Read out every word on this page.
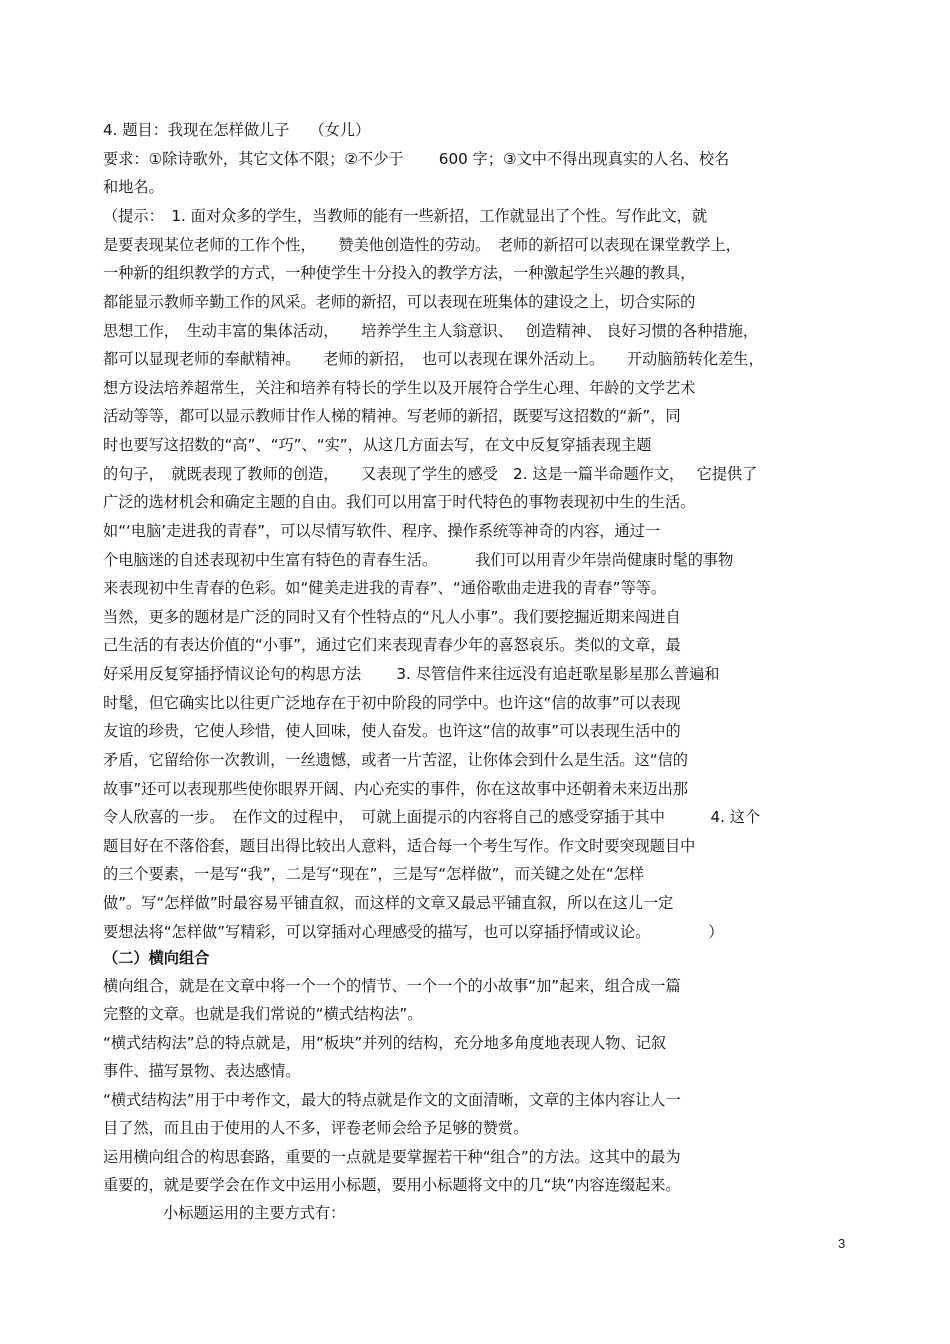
4. 题目：我现在怎样做儿子　 （女儿）
要求：①除诗歌外，其它文体不限；②不少于　　 600 字；③文中不得出现真实的人名、校名
和地名。
（提示：　1. 面对众多的学生，当教师的能有一些新招，工作就显出了个性。写作此文，就
是要表现某位老师的工作个性，　　赞美他创造性的劳动。　老师的新招可以表现在课堂教学上，
一种新的组织教学的方式，一种使学生十分投入的教学方法，一种激起学生兴趣的教具，
都能显示教师辛勤工作的风采。老师的新招，可以表现在班集体的建设之上，切合实际的
思想工作，　生动丰富的集体活动，　　培养学生主人翁意识、　 创造精神、 良好习惯的各种措施，
都可以显现老师的奉献精神。　　老师的新招，　也可以表现在课外活动上。　　开动脑筋转化差生，
想方设法培养超常生，关注和培养有特长的学生以及开展符合学生心理、年龄的文学艺术
活动等等，都可以显示教师甘作人梯的精神。写老师的新招，既要写这招数的“新”，同
时也要写这招数的“高”、“巧”、“实”，从这几方面去写，在文中反复穿插表现主题
的句子，　就既表现了教师的创造，　　又表现了学生的感受　2. 这是一篇半命题作文，　 它提供了
广泛的选材机会和确定主题的自由。我们可以用富于时代特色的事物表现初中生的生活。
如“‘电脑’走进我的青春”，可以尽情写软件、程序、操作系统等神奇的内容，通过一
个电脑迷的自述表现初中生富有特色的青春生活。　　　我们可以用青少年崇尚健康时髦的事物
来表现初中生青春的色彩。如“健美走进我的青春”、“通俗歌曲走进我的青春”等等。
当然，更多的题材是广泛的同时又有个性特点的“凡人小事”。我们要挖掘近期来闯进自
己生活的有表达价值的“小事”，通过它们来表现青春少年的喜怒哀乐。类似的文章，最
好采用反复穿插抒情议论句的构思方法　　 3. 尽管信件来往远没有追赶歌星影星那么普遍和
时髦，但它确实比以往更广泛地存在于初中阶段的同学中。也许这“信的故事”可以表现
友谊的珍贵，它使人珍惜，使人回味，使人奋发。也许这“信的故事”可以表现生活中的
矛盾，它留给你一次教训，一丝遗憾，或者一片苦涩，让你体会到什么是生活。这“信的
故事”还可以表现那些使你眼界开阔、内心充实的事件，你在这故事中还朝着未来迈出那
令人欣喜的一步。　在作文的过程中，　可就上面提示的内容将自己的感受穿插于其中　　　4. 这个
题目好在不落俗套，题目出得比较出人意料，适合每一个考生写作。作文时要突现题目中
的三个要素，一是写“我”，二是写“现在”，三是写“怎样做”，而关键之处在“怎样
做”。写“怎样做”时最容易平铺直叙，而这样的文章又最忌平铺直叙，所以在这儿一定
要想法将“怎样做”写精彩，可以穿插对心理感受的描写，也可以穿插抒情或议论。　　　　 ）
（二）横向组合
横向组合，就是在文章中将一个一个的情节、一个一个的小故事“加”起来，组合成一篇
完整的文章。也就是我们常说的“横式结构法”。
“横式结构法”总的特点就是，用“板块”并列的结构，充分地多角度地表现人物、记叙
事件、描写景物、表达感情。
“横式结构法”用于中考作文，最大的特点就是作文的文面清晰，文章的主体内容让人一
目了然，而且由于使用的人不多，评卷老师会给予足够的赞赏。
运用横向组合的构思套路，重要的一点就是要掌握若干种“组合”的方法。这其中的最为
重要的，就是要学会在作文中运用小标题，要用小标题将文中的几“块”内容连缀起来。
小标题运用的主要方式有：
3
